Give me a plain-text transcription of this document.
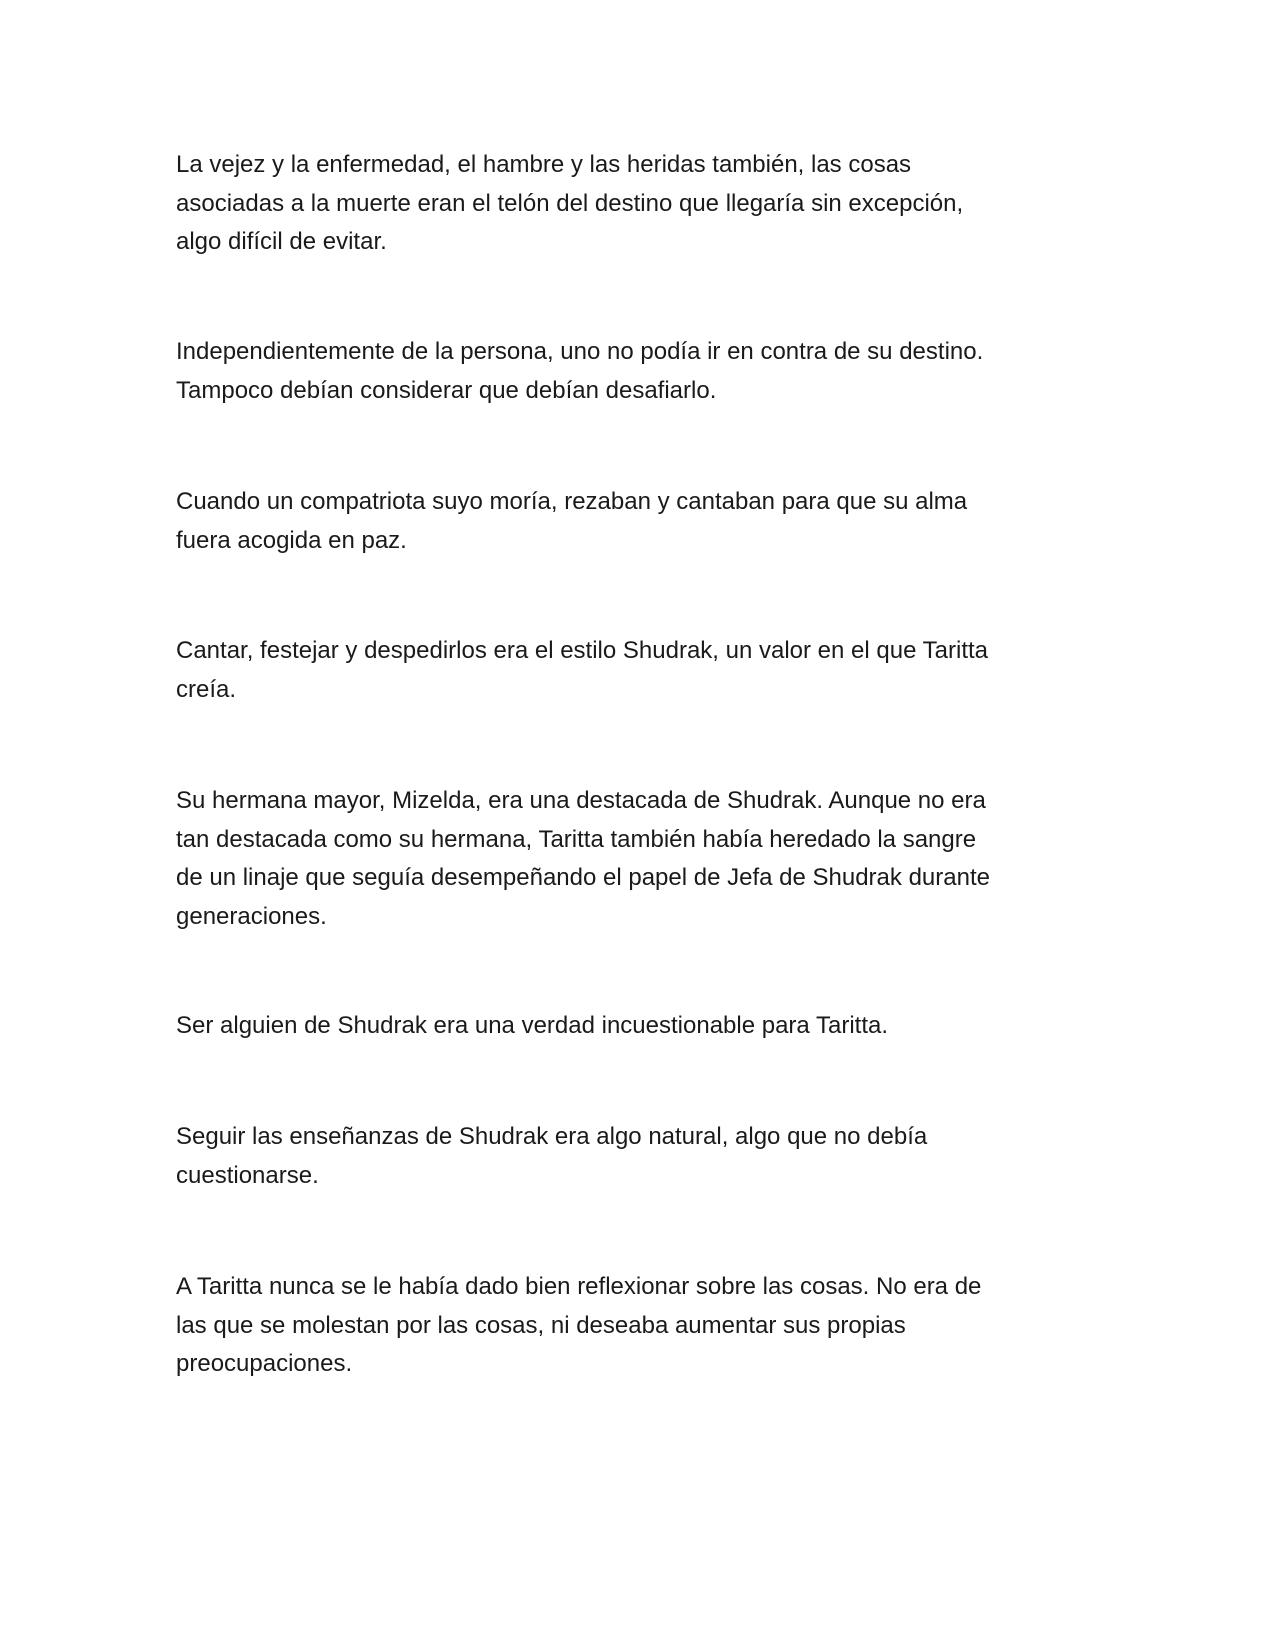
La vejez y la enfermedad, el hambre y las heridas también, las cosas
asociadas a la muerte eran el telón del destino que llegaría sin excepción,
algo difícil de evitar.

Independientemente de la persona, uno no podía ir en contra de su destino.
Tampoco debían considerar que debían desafiarlo.

Cuando un compatriota suyo moría, rezaban y cantaban para que su alma
fuera acogida en paz.

Cantar, festejar y despedirlos era el estilo Shudrak, un valor en el que Taritta
creía.

Su hermana mayor, Mizelda, era una destacada de Shudrak. Aunque no era
tan destacada como su hermana, Taritta también había heredado la sangre
de un linaje que seguía desempeñando el papel de Jefa de Shudrak durante
generaciones.

Ser alguien de Shudrak era una verdad incuestionable para Taritta.

Seguir las enseñanzas de Shudrak era algo natural, algo que no debía
cuestionarse.

A Taritta nunca se le había dado bien reflexionar sobre las cosas. No era de
las que se molestan por las cosas, ni deseaba aumentar sus propias
preocupaciones.
